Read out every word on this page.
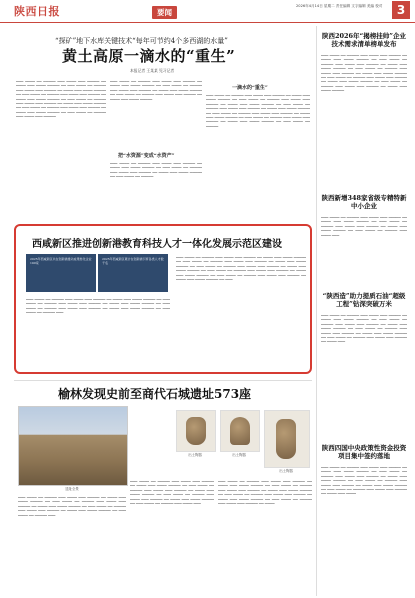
陕西日报	要闻
2026年4月14日 星期二 责任编辑 文字编辑 美编 校对	3
“探矿”地下水库关键技术“每年可节约4个多西湖的水量”
黄土高原一滴水的“重生”
本报记者 王某某 见习记者
▁▁▁ ▁▁▁▁ ▁▁ ▁▁▁▁▁ ▁▁▁ ▁▁▁▁ ▁▁▁ ▁▁▁▁▁ ▁▁ ▁▁▁▁ ▁▁▁ ▁▁▁▁ ▁▁▁▁▁ ▁▁ ▁▁▁ ▁▁▁▁ ▁▁ ▁▁▁▁▁ ▁▁▁ ▁▁▁▁ ▁▁▁ ▁▁▁▁▁ ▁▁ ▁▁▁▁ ▁▁▁ ▁▁▁▁ ▁▁▁▁▁ ▁▁ ▁▁▁ ▁▁▁▁ ▁▁ ▁▁▁▁▁ ▁▁▁ ▁▁▁▁ ▁▁▁ ▁▁▁▁▁ ▁▁ ▁▁▁▁ ▁▁▁ ▁▁▁▁ ▁▁▁▁▁ ▁▁ ▁▁▁ ▁▁▁▁ ▁▁ ▁▁▁▁▁ ▁▁▁ ▁▁▁▁ ▁▁▁ ▁▁▁▁▁ ▁▁ ▁▁▁▁ ▁▁▁ ▁▁▁▁ ▁▁▁▁▁ ▁▁ ▁▁▁ ▁▁▁▁ ▁▁ ▁▁▁▁▁ ▁▁▁ ▁▁▁▁ ▁▁▁ ▁▁▁▁▁ ▁▁ ▁▁▁▁ ▁▁▁ ▁▁▁▁ ▁▁▁▁▁ ▁▁ ▁▁▁ ▁▁▁▁ ▁▁ ▁▁▁▁▁ ▁▁▁ ▁▁▁▁ ▁▁▁ ▁▁▁▁▁
▁▁▁ ▁▁▁▁ ▁▁ ▁▁▁▁▁ ▁▁▁ ▁▁▁▁ ▁▁▁ ▁▁▁▁▁ ▁▁ ▁▁▁▁ ▁▁▁ ▁▁▁▁ ▁▁▁▁▁ ▁▁ ▁▁▁ ▁▁▁▁ ▁▁ ▁▁▁▁▁ ▁▁▁ ▁▁▁▁ ▁▁▁ ▁▁▁▁▁ ▁▁ ▁▁▁▁ ▁▁▁ ▁▁▁▁ ▁▁▁▁▁ ▁▁ ▁▁▁ ▁▁▁▁ ▁▁ ▁▁▁▁▁ ▁▁▁ ▁▁▁▁ ▁▁▁ ▁▁▁▁▁ ▁▁ ▁▁▁▁ ▁▁▁ ▁▁▁▁ ▁▁▁▁▁
把“水资源”变成“水资产”
▁▁▁ ▁▁▁▁ ▁▁ ▁▁▁▁▁ ▁▁▁ ▁▁▁▁ ▁▁▁ ▁▁▁▁▁ ▁▁ ▁▁▁▁ ▁▁▁ ▁▁▁▁ ▁▁▁▁▁ ▁▁ ▁▁▁ ▁▁▁▁ ▁▁ ▁▁▁▁▁ ▁▁▁ ▁▁▁▁ ▁▁▁ ▁▁▁▁▁ ▁▁ ▁▁▁▁ ▁▁▁ ▁▁▁▁ ▁▁▁▁▁ ▁▁ ▁▁▁ ▁▁▁▁ ▁▁ ▁▁▁▁▁
一滴水的“重生”
▁▁▁ ▁▁▁▁ ▁▁ ▁▁▁▁▁ ▁▁▁ ▁▁▁▁ ▁▁▁ ▁▁▁▁▁ ▁▁ ▁▁▁▁ ▁▁▁ ▁▁▁▁ ▁▁▁▁▁ ▁▁ ▁▁▁ ▁▁▁▁ ▁▁ ▁▁▁▁▁ ▁▁▁ ▁▁▁▁ ▁▁▁ ▁▁▁▁▁ ▁▁ ▁▁▁▁ ▁▁▁ ▁▁▁▁ ▁▁▁▁▁ ▁▁ ▁▁▁ ▁▁▁▁ ▁▁ ▁▁▁▁▁ ▁▁▁ ▁▁▁▁ ▁▁▁ ▁▁▁▁▁ ▁▁ ▁▁▁▁ ▁▁▁ ▁▁▁▁ ▁▁▁▁▁ ▁▁ ▁▁▁ ▁▁▁▁ ▁▁ ▁▁▁▁▁ ▁▁▁ ▁▁▁▁ ▁▁▁ ▁▁▁▁▁ ▁▁ ▁▁▁▁ ▁▁▁ ▁▁▁▁ ▁▁▁▁▁ ▁▁ ▁▁▁ ▁▁▁▁ ▁▁ ▁▁▁▁▁ ▁▁▁ ▁▁▁▁ ▁▁▁ ▁▁▁▁▁ ▁▁ ▁▁▁▁ ▁▁▁ ▁▁▁▁ ▁▁▁▁▁ ▁▁ ▁▁▁ ▁▁▁▁ ▁▁ ▁▁▁▁▁
陕西2026年“揭榜挂帅”企业技术需求清单榜单发布
▁▁▁ ▁▁▁▁ ▁▁ ▁▁▁▁▁ ▁▁▁ ▁▁▁▁ ▁▁▁ ▁▁▁▁▁ ▁▁ ▁▁▁▁ ▁▁▁ ▁▁▁▁ ▁▁▁▁▁ ▁▁ ▁▁▁ ▁▁▁▁ ▁▁ ▁▁▁▁▁ ▁▁▁ ▁▁▁▁ ▁▁▁ ▁▁▁▁▁ ▁▁ ▁▁▁▁ ▁▁▁ ▁▁▁▁ ▁▁▁▁▁ ▁▁ ▁▁▁ ▁▁▁▁ ▁▁ ▁▁▁▁▁ ▁▁▁ ▁▁▁▁ ▁▁▁ ▁▁▁▁▁ ▁▁ ▁▁▁▁ ▁▁▁ ▁▁▁▁ ▁▁▁▁▁ ▁▁ ▁▁▁ ▁▁▁▁ ▁▁ ▁▁▁▁▁ ▁▁▁ ▁▁▁▁ ▁▁▁ ▁▁▁▁▁ ▁▁ ▁▁▁▁ ▁▁▁ ▁▁▁▁ ▁▁▁▁▁ ▁▁ ▁▁▁ ▁▁▁▁ ▁▁ ▁▁▁▁▁ ▁▁▁ ▁▁▁▁ ▁▁▁ ▁▁▁▁▁ ▁▁ ▁▁▁▁ ▁▁▁ ▁▁▁▁ ▁▁▁▁▁
陕西新增348家省级专精特新中小企业
▁▁▁ ▁▁▁▁ ▁▁ ▁▁▁▁▁ ▁▁▁ ▁▁▁▁ ▁▁▁ ▁▁▁▁▁ ▁▁ ▁▁▁▁ ▁▁▁ ▁▁▁▁ ▁▁▁▁▁ ▁▁ ▁▁▁ ▁▁▁▁ ▁▁ ▁▁▁▁▁ ▁▁▁ ▁▁▁▁ ▁▁▁ ▁▁▁▁▁ ▁▁ ▁▁▁▁ ▁▁▁ ▁▁▁▁ ▁▁▁▁▁ ▁▁ ▁▁▁ ▁▁▁▁ ▁▁ ▁▁▁▁▁ ▁▁▁ ▁▁▁▁ ▁▁▁
“陕西造”助力提质石油“超级工程”钻深突破万米
▁▁▁ ▁▁▁▁ ▁▁ ▁▁▁▁▁ ▁▁▁ ▁▁▁▁ ▁▁▁ ▁▁▁▁▁ ▁▁ ▁▁▁▁ ▁▁▁ ▁▁▁▁ ▁▁▁▁▁ ▁▁ ▁▁▁ ▁▁▁▁ ▁▁ ▁▁▁▁▁ ▁▁▁ ▁▁▁▁ ▁▁▁ ▁▁▁▁▁ ▁▁ ▁▁▁▁ ▁▁▁ ▁▁▁▁ ▁▁▁▁▁ ▁▁ ▁▁▁ ▁▁▁▁ ▁▁ ▁▁▁▁▁ ▁▁▁ ▁▁▁▁ ▁▁▁ ▁▁▁▁▁ ▁▁ ▁▁▁▁ ▁▁▁ ▁▁▁▁ ▁▁▁▁▁ ▁▁ ▁▁▁ ▁▁▁▁ ▁▁ ▁▁▁▁▁ ▁▁▁ ▁▁▁▁ ▁▁▁ ▁▁▁▁▁ ▁▁ ▁▁▁▁ ▁▁▁
陕西四国中央政策性资金投资项目集中签约落地
▁▁▁ ▁▁▁▁ ▁▁ ▁▁▁▁▁ ▁▁▁ ▁▁▁▁ ▁▁▁ ▁▁▁▁▁ ▁▁ ▁▁▁▁ ▁▁▁ ▁▁▁▁ ▁▁▁▁▁ ▁▁ ▁▁▁ ▁▁▁▁ ▁▁ ▁▁▁▁▁ ▁▁▁ ▁▁▁▁ ▁▁▁ ▁▁▁▁▁ ▁▁ ▁▁▁▁ ▁▁▁ ▁▁▁▁ ▁▁▁▁▁ ▁▁ ▁▁▁ ▁▁▁▁ ▁▁ ▁▁▁▁▁ ▁▁▁ ▁▁▁▁ ▁▁▁ ▁▁▁▁▁ ▁▁ ▁▁▁▁ ▁▁▁ ▁▁▁▁ ▁▁▁▁▁ ▁▁ ▁▁▁ ▁▁▁▁ ▁▁ ▁▁▁▁▁ ▁▁▁ ▁▁▁▁ ▁▁▁ ▁▁▁▁▁ ▁▁ ▁▁▁▁ ▁▁▁ ▁▁▁▁
西咸新区推进创新港教育科技人才一体化发展示范区建设
2025年西咸新区共在创新港推动成果转化企业190家
2025年西咸新区累计在创新港引育各类人才数千名
▁▁▁ ▁▁▁▁ ▁▁ ▁▁▁▁▁ ▁▁▁ ▁▁▁▁ ▁▁▁ ▁▁▁▁▁ ▁▁ ▁▁▁▁ ▁▁▁ ▁▁▁▁ ▁▁▁▁▁ ▁▁ ▁▁▁ ▁▁▁▁ ▁▁ ▁▁▁▁▁ ▁▁▁ ▁▁▁▁ ▁▁▁ ▁▁▁▁▁ ▁▁ ▁▁▁▁ ▁▁▁ ▁▁▁▁ ▁▁▁▁▁ ▁▁ ▁▁▁ ▁▁▁▁ ▁▁ ▁▁▁▁▁ ▁▁▁ ▁▁▁▁ ▁▁▁ ▁▁▁▁▁ ▁▁ ▁▁▁▁ ▁▁▁ ▁▁▁▁ ▁▁▁▁▁ ▁▁ ▁▁▁ ▁▁▁▁ ▁▁ ▁▁▁▁▁ ▁▁▁
▁▁▁ ▁▁▁▁ ▁▁ ▁▁▁▁▁ ▁▁▁ ▁▁▁▁ ▁▁▁ ▁▁▁▁▁ ▁▁ ▁▁▁▁ ▁▁▁ ▁▁▁▁ ▁▁▁▁▁ ▁▁ ▁▁▁ ▁▁▁▁ ▁▁ ▁▁▁▁▁ ▁▁▁ ▁▁▁▁ ▁▁▁ ▁▁▁▁▁ ▁▁ ▁▁▁▁ ▁▁▁ ▁▁▁▁ ▁▁▁▁▁ ▁▁ ▁▁▁ ▁▁▁▁ ▁▁ ▁▁▁▁▁ ▁▁▁ ▁▁▁▁ ▁▁▁ ▁▁▁▁▁ ▁▁ ▁▁▁▁ ▁▁▁ ▁▁▁▁ ▁▁▁▁▁ ▁▁ ▁▁▁ ▁▁▁▁ ▁▁ ▁▁▁▁▁ ▁▁▁ ▁▁▁▁ ▁▁▁ ▁▁▁▁▁ ▁▁ ▁▁▁▁ ▁▁▁ ▁▁▁▁ ▁▁▁▁▁ ▁▁ ▁▁▁ ▁▁▁▁ ▁▁ ▁▁▁▁▁ ▁▁▁ ▁▁▁▁ ▁▁▁ ▁▁▁▁▁ ▁▁ ▁▁▁▁ ▁▁▁ ▁▁▁▁ ▁▁▁▁▁ ▁▁ ▁▁▁
榆林发现史前至商代石城遗址573座
遗址全景
出土陶器	出土陶器
出土陶器
▁▁▁ ▁▁▁▁ ▁▁ ▁▁▁▁▁ ▁▁▁ ▁▁▁▁ ▁▁▁ ▁▁▁▁▁ ▁▁ ▁▁▁▁ ▁▁▁ ▁▁▁▁ ▁▁▁▁▁ ▁▁ ▁▁▁ ▁▁▁▁ ▁▁ ▁▁▁▁▁ ▁▁▁ ▁▁▁▁ ▁▁▁ ▁▁▁▁▁ ▁▁ ▁▁▁▁ ▁▁▁ ▁▁▁▁ ▁▁▁▁▁ ▁▁ ▁▁▁ ▁▁▁▁ ▁▁ ▁▁▁▁▁ ▁▁▁ ▁▁▁▁ ▁▁▁ ▁▁▁▁▁ ▁▁ ▁▁▁▁ ▁▁▁ ▁▁▁▁ ▁▁▁▁▁ ▁▁ ▁▁▁ ▁▁▁▁ ▁▁ ▁▁▁▁▁ ▁▁▁
▁▁▁ ▁▁▁▁ ▁▁ ▁▁▁▁▁ ▁▁▁ ▁▁▁▁ ▁▁▁ ▁▁▁▁▁ ▁▁ ▁▁▁▁ ▁▁▁ ▁▁▁▁ ▁▁▁▁▁ ▁▁ ▁▁▁ ▁▁▁▁ ▁▁ ▁▁▁▁▁ ▁▁▁ ▁▁▁▁ ▁▁▁ ▁▁▁▁▁ ▁▁ ▁▁▁▁ ▁▁▁ ▁▁▁▁ ▁▁▁▁▁ ▁▁ ▁▁▁ ▁▁▁▁ ▁▁ ▁▁▁▁▁ ▁▁▁ ▁▁▁▁ ▁▁▁ ▁▁▁▁▁ ▁▁ ▁▁▁▁ ▁▁▁ ▁▁▁▁ ▁▁▁▁▁ ▁▁ ▁▁▁ ▁▁▁▁ ▁▁ ▁▁▁▁▁ ▁▁▁ ▁▁▁▁ ▁▁▁
▁▁▁ ▁▁▁▁ ▁▁ ▁▁▁▁▁ ▁▁▁ ▁▁▁▁ ▁▁▁ ▁▁▁▁▁ ▁▁ ▁▁▁▁ ▁▁▁ ▁▁▁▁ ▁▁▁▁▁ ▁▁ ▁▁▁ ▁▁▁▁ ▁▁ ▁▁▁▁▁ ▁▁▁ ▁▁▁▁ ▁▁▁ ▁▁▁▁▁ ▁▁ ▁▁▁▁ ▁▁▁ ▁▁▁▁ ▁▁▁▁▁ ▁▁ ▁▁▁ ▁▁▁▁ ▁▁ ▁▁▁▁▁ ▁▁▁ ▁▁▁▁ ▁▁▁ ▁▁▁▁▁ ▁▁ ▁▁▁▁ ▁▁▁ ▁▁▁▁ ▁▁▁▁▁ ▁▁ ▁▁▁ ▁▁▁▁ ▁▁ ▁▁▁▁▁ ▁▁▁ ▁▁▁▁ ▁▁▁ ▁▁▁▁▁ ▁▁ ▁▁▁▁
